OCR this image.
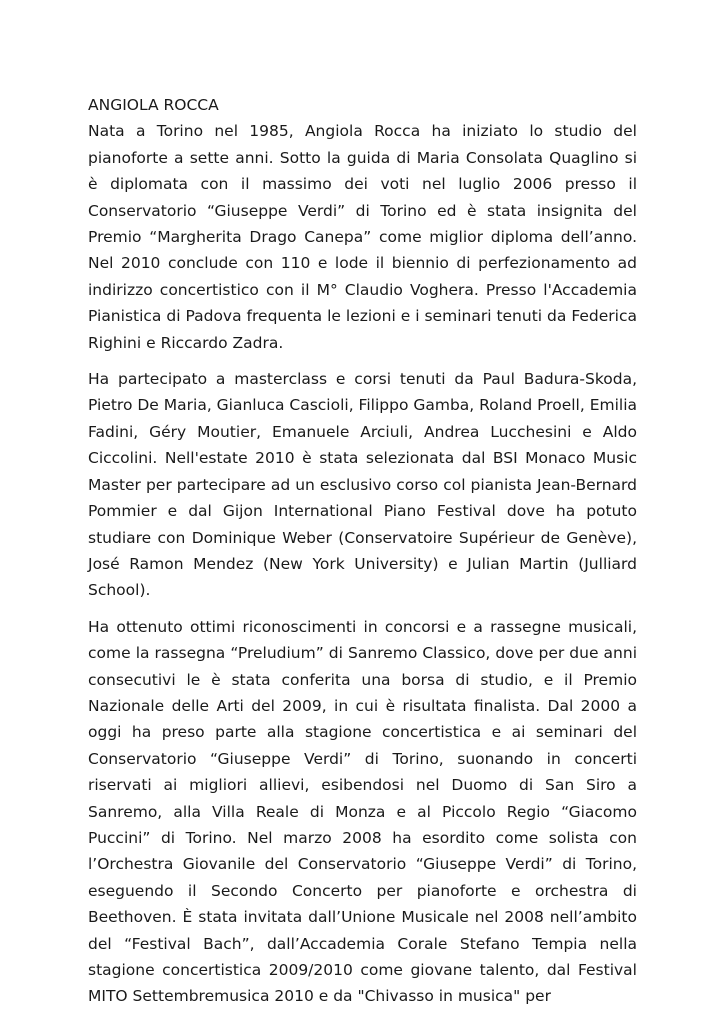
ANGIOLA ROCCA

Nata a Torino nel 1985, Angiola Rocca ha iniziato lo studio del pianoforte a sette anni. Sotto la guida di Maria Consolata Quaglino si è diplomata con il massimo dei voti nel luglio 2006 presso il Conservatorio “Giuseppe Verdi” di Torino ed è stata insignita del Premio “Margherita Drago Canepa” come miglior diploma dell’anno. Nel 2010 conclude con 110 e lode il biennio di perfezionamento ad indirizzo concertistico con il M° Claudio Voghera. Presso l'Accademia Pianistica di Padova frequenta le lezioni e i seminari tenuti da Federica Righini e Riccardo Zadra.

Ha partecipato a masterclass e corsi tenuti da Paul Badura-Skoda, Pietro De Maria, Gianluca Cascioli, Filippo Gamba, Roland Proell, Emilia Fadini, Géry Moutier, Emanuele Arciuli, Andrea Lucchesini e Aldo Ciccolini. Nell'estate 2010 è stata selezionata dal BSI Monaco Music Master per partecipare ad un esclusivo corso col pianista Jean-Bernard Pommier e dal Gijon International Piano Festival dove ha potuto studiare con Dominique Weber (Conservatoire Supérieur de Genève), José Ramon Mendez (New York University) e Julian Martin (Julliard School).

Ha ottenuto ottimi riconoscimenti in concorsi e a rassegne musicali, come la rassegna “Preludium” di Sanremo Classico, dove per due anni consecutivi le è stata conferita una borsa di studio, e il Premio Nazionale delle Arti del 2009, in cui è risultata finalista. Dal 2000 a oggi ha preso parte alla stagione concertistica e ai seminari del Conservatorio “Giuseppe Verdi” di Torino, suonando in concerti riservati ai migliori allievi, esibendosi nel Duomo di San Siro a Sanremo, alla Villa Reale di Monza e al Piccolo Regio “Giacomo Puccini” di Torino. Nel marzo 2008 ha esordito come solista con l’Orchestra Giovanile del Conservatorio “Giuseppe Verdi” di Torino, eseguendo il Secondo Concerto per pianoforte e orchestra di Beethoven. È stata invitata dall’Unione Musicale nel 2008 nell’ambito del “Festival Bach”, dall’Accademia Corale Stefano Tempia nella stagione concertistica 2009/2010 come giovane talento, dal Festival MITO Settembremusica 2010 e da "Chivasso in musica" per
